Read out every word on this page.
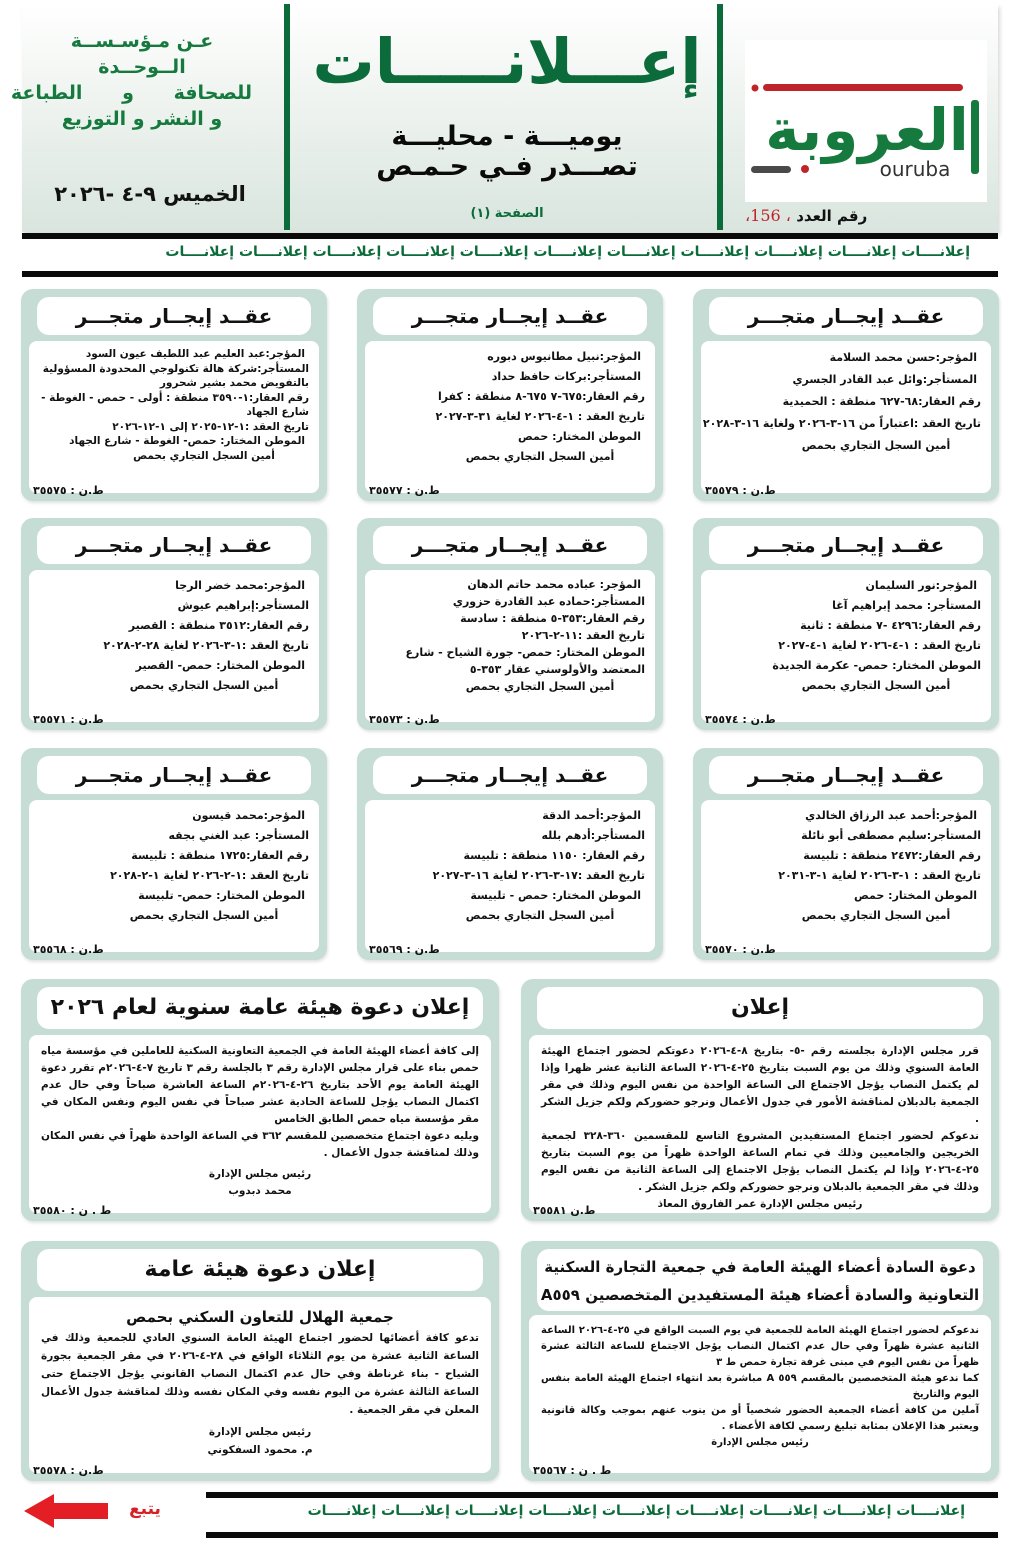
عـن مـؤسـســة الــوحــدة
للصحافة      و      الطباعة
و النشر و التوزيع
الخميس ٩-٤ -٢٠٢٦
إعـــلانـــــات
يوميـــة - محليـــة
تصـــدر فـي حـمـص
الصفحة (١)
العروبة
ouruba
رقم العدد ، 156،
إعلانــــات إعلانــــات إعلانــــات إعلانــــات إعلانــــات إعلانــــات إعلانــــات إعلانــــات إعلانــــات إعلانــــات إعلانــــات
عقــد إيجــار متجـــر
المؤجر:حسن محمد السلامة
المستأجر:وائل عبد القادر الجسري
رقم العقار:٦٨-٦٢٧ منطقة : الحميدية
تاريخ العقد :اعتباراً من ١٦-٣-٢٠٢٦ ولغاية ١٦-٣-٢٠٢٨
أمين السجل التجاري بحمص
ط.ن : ٣٥٥٧٩
عقــد إيجــار متجـــر
المؤجر:نبيل مطانيوس دبوره
المستأجر:بركات حافظ حداد
رقم العقار:٦٧٥-٧ ٦٧٥-٨ منطقة : كفرا
تاريخ العقد : ١-٤-٢٠٢٦ لغاية ٣١-٣-٢٠٢٧
الموطن المختار: حمص
أمين السجل التجاري بحمص
ط.ن : ٣٥٥٧٧
عقــد إيجــار متجـــر
المؤجر:عبد العليم عبد اللطيف عيون السود
المستأجر:شركة هالة تكنولوجي المحدودة المسؤولية بالتفويض محمد بشير شحرور
رقم العقار:١-٣٥٩٠ منطقة : أولى - حمص - الغوطة - شارع الجهاد
تاريخ العقد :١-١٢-٢٠٢٥ إلى ١-١٢-٢٠٢٦
الموطن المختار: حمص- الغوطة - شارع الجهاد
أمين السجل التجاري بحمص
ط.ن : ٣٥٥٧٥
عقــد إيجــار متجـــر
المؤجر:نور السليمان
المستأجر: محمد إبراهيم آغا
رقم العقار:٤٢٩٦ -٧ منطقة : ثانية
تاريخ العقد : ١-٤-٢٠٢٦ لغاية ١-٤-٢٠٢٧
الموطن المختار: حمص- عكرمة الجديدة
أمين السجل التجاري بحمص
ط.ن : ٣٥٥٧٤
عقــد إيجــار متجـــر
المؤجر: عباده محمد حاتم الدهان
المستأجر:حماده عبد القادرة حزوري
رقم العقار:٣٥٣-٥ منطقة : سادسة
تاريخ العقد :١١-٢-٢٠٢٦
الموطن المختار: حمص- جورة الشياح - شارع المعتضد والأولوسني عقار ٣٥٣-٥
أمين السجل التجاري بحمص
ط.ن : ٣٥٥٧٣
عقــد إيجــار متجـــر
المؤجر:محمد خضر الرجا
المستأجر:إبراهيم عيوش
رقم العقار:٣٥١٢ منطقة : القصير
تاريخ العقد :١-٣-٢٠٢٦ لغاية ٢٨-٢-٢٠٢٨
الموطن المختار: حمص- القصير
أمين السجل التجاري بحمص
ط.ن : ٣٥٥٧١
عقــد إيجــار متجـــر
المؤجر:أحمد عبد الرزاق الخالدي
المستأجر:سليم مصطفى أبو نائلة
رقم العقار:٢٤٧٢ منطقة : تلبيسة
تاريخ العقد : ١-٣-٢٠٢٦ لغاية ١-٣-٢٠٣١
الموطن المختار: حمص
أمين السجل التجاري بحمص
ط.ن : ٣٥٥٧٠
عقــد إيجــار متجـــر
المؤجر:أحمد الدقة
المستأجر:أدهم بلله
رقم العقار: ١١٥٠ منطقة : تلبيسة
تاريخ العقد :١٧-٣-٢٠٢٦ لغاية ١٦-٣-٢٠٢٧
الموطن المختار: حمص - تلبيسة
أمين السجل التجاري بحمص
ط.ن : ٣٥٥٦٩
عقــد إيجــار متجـــر
المؤجر:محمد قيسون
المستأجر: عبد الغني بجقه
رقم العقار:١٧٢٥ منطقة : تلبيسة
تاريخ العقد :١-٢-٢٠٢٦ لغاية ١-٢-٢٠٢٨
الموطن المختار: حمص- تلبيسة
أمين السجل التجاري بحمص
ط.ن : ٣٥٥٦٨
إعلان
قرر مجلس الإدارة بجلسته رقم -٥- بتاريخ ٨-٤-٢٠٢٦ دعوتكم لحضور اجتماع الهيئة العامة السنوي وذلك من يوم السبت بتاريخ ٢٥-٤-٢٠٢٦ الساعة الثانية عشر ظهرا وإذا لم يكتمل النصاب يؤجل الاجتماع الى الساعة الواحدة من نفس اليوم وذلك في مقر الجمعية بالدبلان لمناقشة الأمور في جدول الأعمال ونرجو حضوركم ولكم جزيل الشكر .
ندعوكم لحضور اجتماع المستفيدين المشروع التاسع للمقسمين ٣٦٠-٣٢٨ لجمعية الخريجين والجامعيين وذلك في تمام الساعة الواحدة ظهراً من يوم السبت بتاريخ ٢٥-٤-٢٠٢٦ وإذا لم يكتمل النصاب يؤجل الاجتماع إلى الساعة الثانية من نفس اليوم وذلك في مقر الجمعية بالدبلان ونرجو حضوركم ولكم جزيل الشكر .
رئيس مجلس الإدارة عمر الفاروق المعاذ
ط.ن ٣٥٥٨١
إعلان دعوة هيئة عامة سنوية لعام ٢٠٢٦
إلى كافة أعضاء الهيئة العامة في الجمعية التعاونية السكنية للعاملين في مؤسسة مياه حمص بناء على قرار مجلس الإدارة رقم ٣ بالجلسة رقم ٣ تاريخ ٧-٤-٢٠٢٦م تقرر دعوة الهيئة العامة يوم الأحد بتاريخ ٢٦-٤-٢٠٢٦م الساعة العاشرة صباحاً وفي حال عدم اكتمال النصاب يؤجل للساعة الحادية عشر صباحاً في نفس اليوم ونفس المكان في مقر مؤسسة مياه حمص الطابق الخامس
ويليه دعوة اجتماع متخصصين للمقسم ٣٦٢ في الساعة الواحدة ظهراً في نفس المكان وذلك لمناقشة جدول الأعمال .
رئيس مجلس الإدارة
محمد دبدوب
ط . ن : ٣٥٥٨٠
دعوة السادة أعضاء الهيئة العامة في جمعية التجارة السكنية
التعاونية والسادة أعضاء هيئة المستفيدين المتخصصين A٥٥٩
ندعوكم لحضور اجتماع الهيئة العامة للجمعية في يوم السبت الواقع في ٢٥-٤-٢٠٢٦ الساعة الثانية عشرة ظهراً وفي حال عدم اكتمال النصاب يؤجل الاجتماع للساعة الثالثة عشرة ظهراً من نفس اليوم في مبنى غرفة تجارة حمص ط ٣
كما ندعو هيئة المتخصصين بالمقسم ٥٥٩ A مباشرة بعد انتهاء اجتماع الهيئة العامة بنفس اليوم والتاريخ
آملين من كافة أعضاء الجمعية الحضور شخصياً أو من ينوب عنهم بموجب وكالة قانونية ويعتبر هذا الإعلان بمثابة تبليغ رسمي لكافة الأعضاء .
رئيس مجلس الإدارة
ط . ن : ٣٥٥٦٧
إعلان دعوة هيئة عامة
جمعية الهلال للتعاون السكني بحمص
تدعو كافة أعضائها لحضور اجتماع الهيئة العامة السنوي العادي للجمعية وذلك في الساعة الثانية عشرة من يوم الثلاثاء الواقع في ٢٨-٤-٢٠٢٦ في مقر الجمعية بجورة الشياح - بناء غرناطة وفي حال عدم اكتمال النصاب القانوني يؤجل الاجتماع حتى الساعة الثالثة عشرة من اليوم نفسه وفي المكان نفسه وذلك لمناقشة جدول الأعمال المعلن في مقر الجمعية .
رئيس مجلس الإدارة
م. محمود السفكوني
ط.ن : ٣٥٥٧٨
إعلانــــات إعلانــــات إعلانــــات إعلانــــات إعلانــــات إعلانــــات إعلانــــات إعلانــــات إعلانــــات
يتبع
